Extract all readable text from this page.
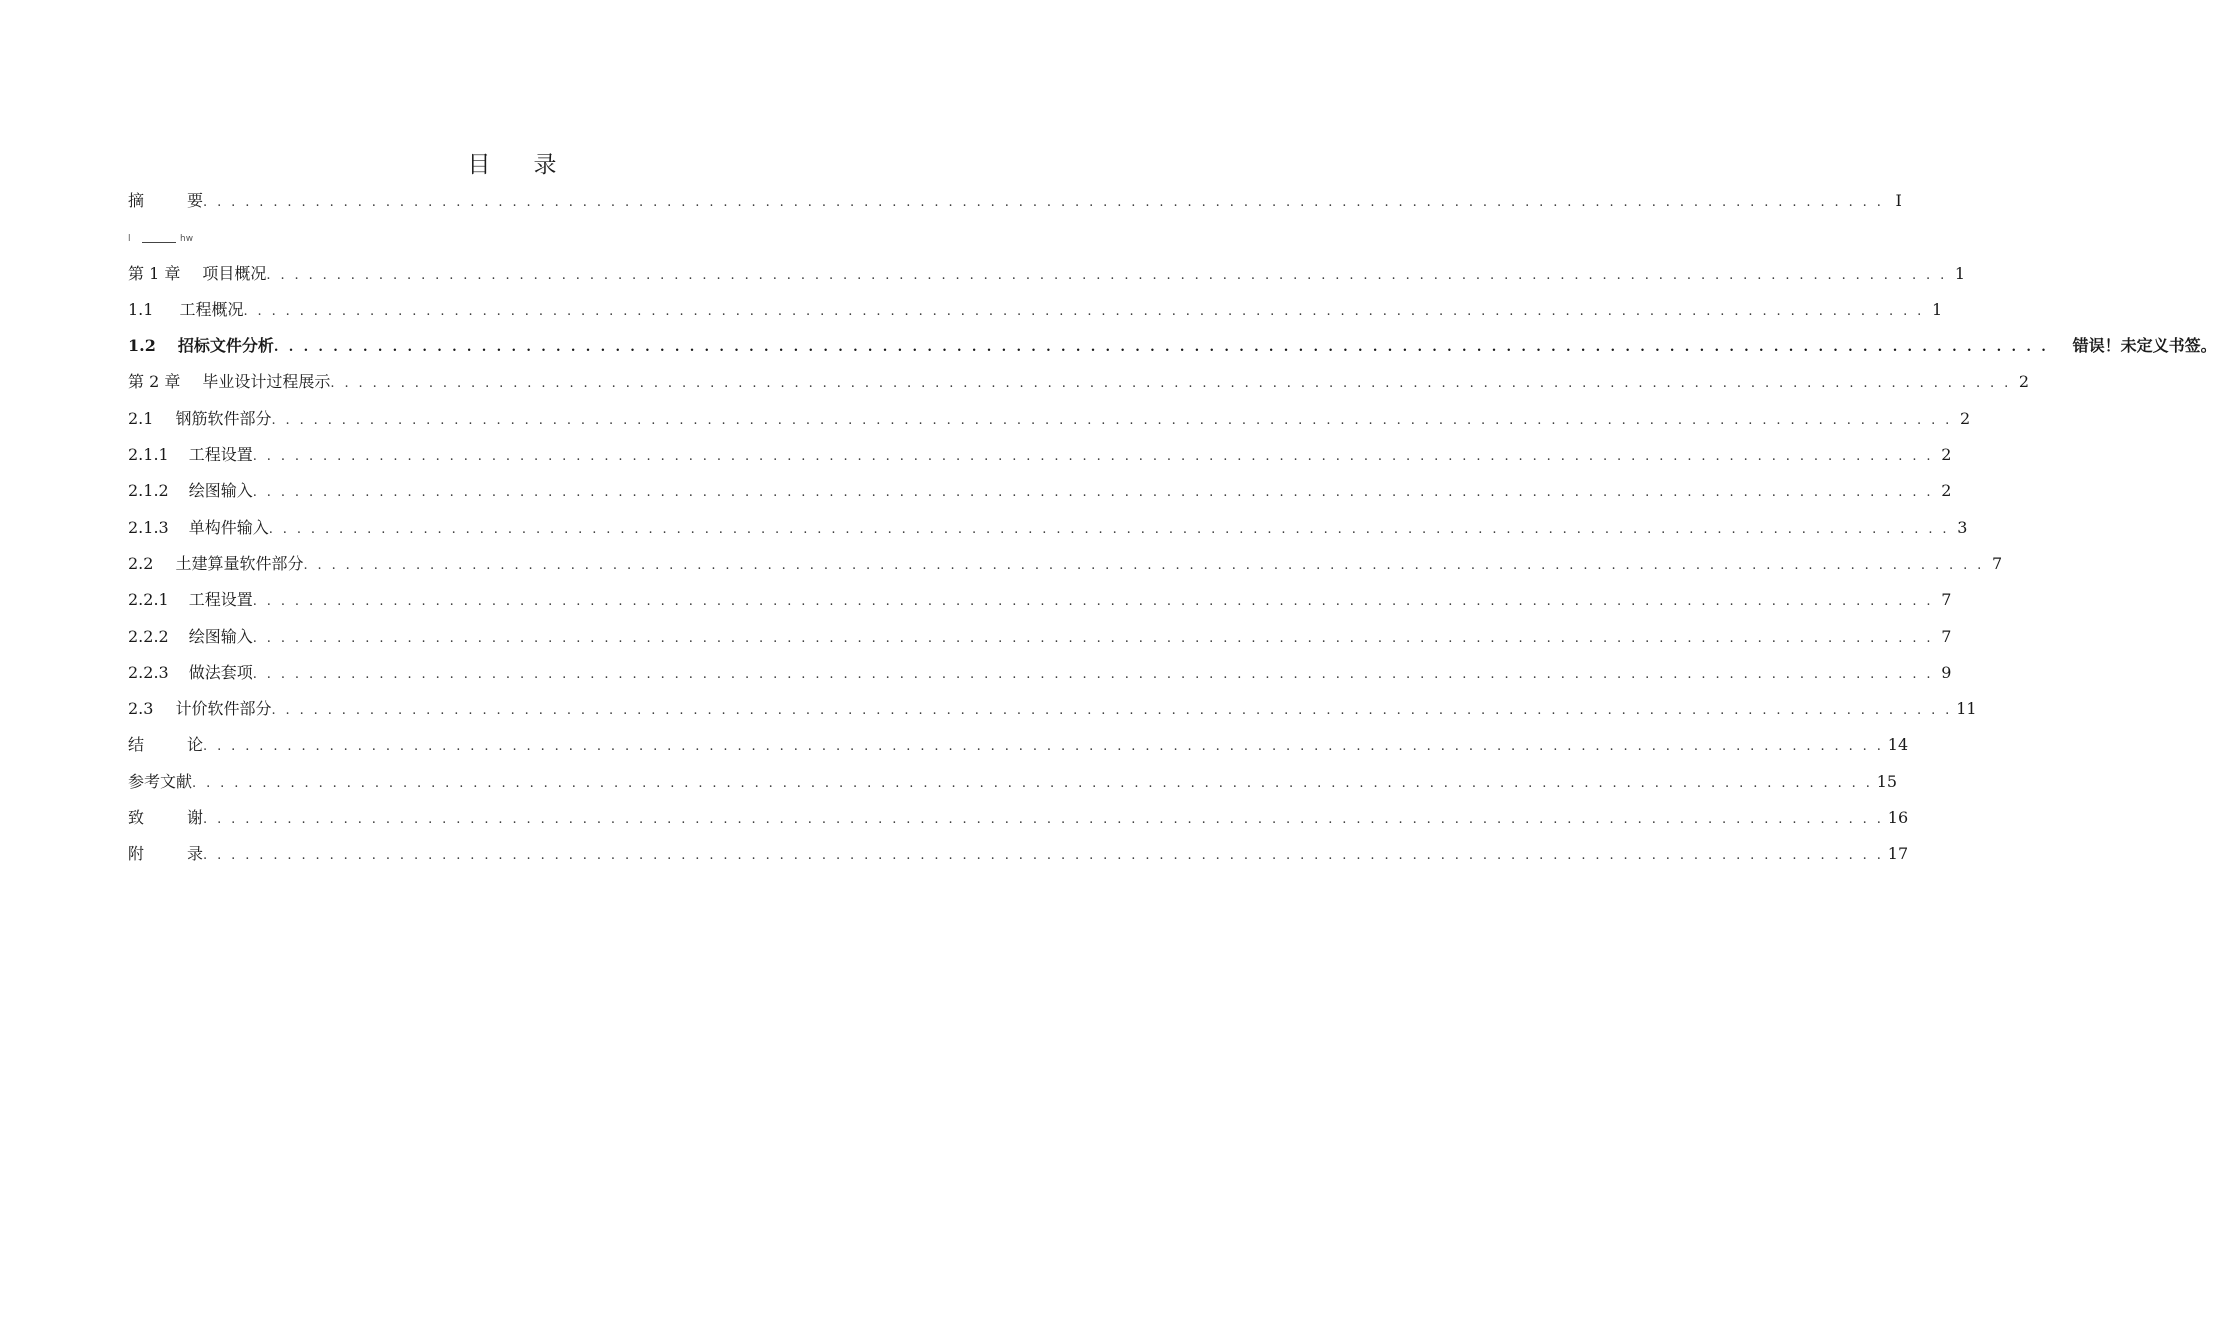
目　录
摘	要 . . . . . . . . . . . . . . . . . . . . . . . . . . . . . . . . . . . . . . . . . . . . . . . . . . . . . . . . . . . . . . . . . . . . . . . . . . . . . . . . . . . . . . . . . . . . . . . . . . . . . . . . . . . . . . . . . . . . . . . . I
l	hw
第 1 章 项目概况 . . . . . . . . . . . . . . . . . . . . . . . . . . . . . . . . . . . . . . . . . . . . . . . . . . . . . . . . . . . . . . . . . . . . . . . . . . . . . . . . . . . . . . . . . . . . . . . . . . . . . . . . . . . . . . . . . . . . . . . . 1
1.1 工程概况 . . . . . . . . . . . . . . . . . . . . . . . . . . . . . . . . . . . . . . . . . . . . . . . . . . . . . . . . . . . . . . . . . . . . . . . . . . . . . . . . . . . . . . . . . . . . . . . . . . . . . . . . . . . . . . . . . . . . . . . . 1
1.2 招标文件分析 . . . . . . . . . . . . . . . . . . . . . . . . . . . . . . . . . . . . . . . . . . . . . . . . . . . . . . . . . . . . . . . . . . . . . . . . . . . . . . . . . . . . . . . . . . . . . . . . . . . . . . . . . . . . . . . . . . . . . . . . 错误！未定义书签。
第 2 章 毕业设计过程展示 . . . . . . . . . . . . . . . . . . . . . . . . . . . . . . . . . . . . . . . . . . . . . . . . . . . . . . . . . . . . . . . . . . . . . . . . . . . . . . . . . . . . . . . . . . . . . . . . . . . . . . . . . . . . . . . . . . . . . . . . 2
2.1 钢筋软件部分 . . . . . . . . . . . . . . . . . . . . . . . . . . . . . . . . . . . . . . . . . . . . . . . . . . . . . . . . . . . . . . . . . . . . . . . . . . . . . . . . . . . . . . . . . . . . . . . . . . . . . . . . . . . . . . . . . . . . . . . . 2
2.1.1 工程设置 . . . . . . . . . . . . . . . . . . . . . . . . . . . . . . . . . . . . . . . . . . . . . . . . . . . . . . . . . . . . . . . . . . . . . . . . . . . . . . . . . . . . . . . . . . . . . . . . . . . . . . . . . . . . . . . . . . . . . . . . 2
2.1.2 绘图输入 . . . . . . . . . . . . . . . . . . . . . . . . . . . . . . . . . . . . . . . . . . . . . . . . . . . . . . . . . . . . . . . . . . . . . . . . . . . . . . . . . . . . . . . . . . . . . . . . . . . . . . . . . . . . . . . . . . . . . . . . 2
2.1.3 单构件输入 . . . . . . . . . . . . . . . . . . . . . . . . . . . . . . . . . . . . . . . . . . . . . . . . . . . . . . . . . . . . . . . . . . . . . . . . . . . . . . . . . . . . . . . . . . . . . . . . . . . . . . . . . . . . . . . . . . . . . . . . 3
2.2 土建算量软件部分 . . . . . . . . . . . . . . . . . . . . . . . . . . . . . . . . . . . . . . . . . . . . . . . . . . . . . . . . . . . . . . . . . . . . . . . . . . . . . . . . . . . . . . . . . . . . . . . . . . . . . . . . . . . . . . . . . . . . . . . . 7
2.2.1 工程设置 . . . . . . . . . . . . . . . . . . . . . . . . . . . . . . . . . . . . . . . . . . . . . . . . . . . . . . . . . . . . . . . . . . . . . . . . . . . . . . . . . . . . . . . . . . . . . . . . . . . . . . . . . . . . . . . . . . . . . . . . 7
2.2.2 绘图输入 . . . . . . . . . . . . . . . . . . . . . . . . . . . . . . . . . . . . . . . . . . . . . . . . . . . . . . . . . . . . . . . . . . . . . . . . . . . . . . . . . . . . . . . . . . . . . . . . . . . . . . . . . . . . . . . . . . . . . . . . 7
2.2.3 做法套项 . . . . . . . . . . . . . . . . . . . . . . . . . . . . . . . . . . . . . . . . . . . . . . . . . . . . . . . . . . . . . . . . . . . . . . . . . . . . . . . . . . . . . . . . . . . . . . . . . . . . . . . . . . . . . . . . . . . . . . . . 9
2.3 计价软件部分 . . . . . . . . . . . . . . . . . . . . . . . . . . . . . . . . . . . . . . . . . . . . . . . . . . . . . . . . . . . . . . . . . . . . . . . . . . . . . . . . . . . . . . . . . . . . . . . . . . . . . . . . . . . . . . . . . . . . . . . . 11
结	论 . . . . . . . . . . . . . . . . . . . . . . . . . . . . . . . . . . . . . . . . . . . . . . . . . . . . . . . . . . . . . . . . . . . . . . . . . . . . . . . . . . . . . . . . . . . . . . . . . . . . . . . . . . . . . . . . . . . . . . . . 14
参考文献 . . . . . . . . . . . . . . . . . . . . . . . . . . . . . . . . . . . . . . . . . . . . . . . . . . . . . . . . . . . . . . . . . . . . . . . . . . . . . . . . . . . . . . . . . . . . . . . . . . . . . . . . . . . . . . . . . . . . . . . . 15
致	谢 . . . . . . . . . . . . . . . . . . . . . . . . . . . . . . . . . . . . . . . . . . . . . . . . . . . . . . . . . . . . . . . . . . . . . . . . . . . . . . . . . . . . . . . . . . . . . . . . . . . . . . . . . . . . . . . . . . . . . . . . 16
附	录 . . . . . . . . . . . . . . . . . . . . . . . . . . . . . . . . . . . . . . . . . . . . . . . . . . . . . . . . . . . . . . . . . . . . . . . . . . . . . . . . . . . . . . . . . . . . . . . . . . . . . . . . . . . . . . . . . . . . . . . . 17
